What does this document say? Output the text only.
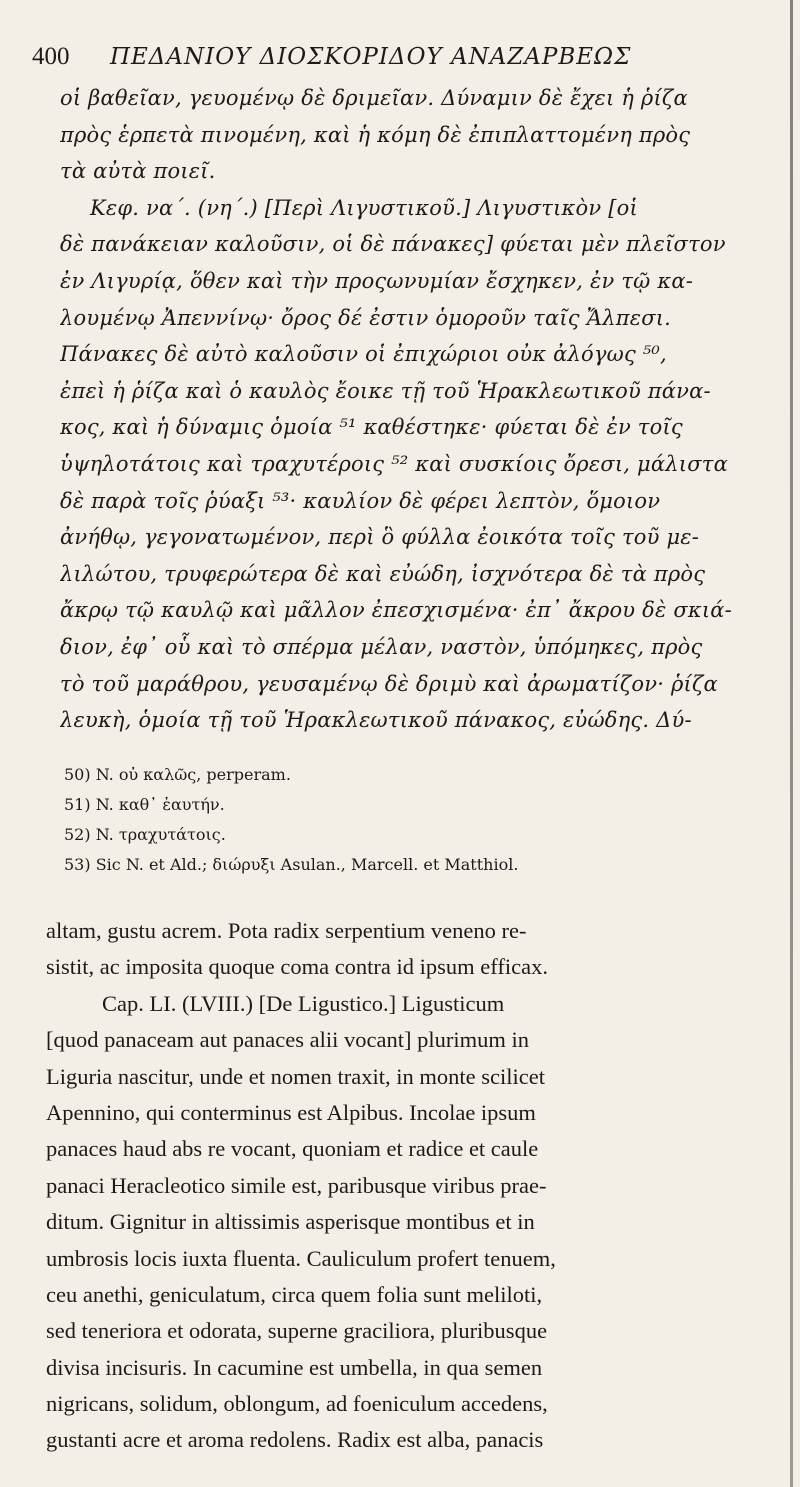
400 ΠΕΔΑΝΙΟΥ ΔΙΟΣΚΟΡΙΔΟΥ ΑΝΑΖΑΡΒΕΩΣ
οἱ βαθεῖαν, γευομένῳ δὲ δριμεῖαν. Δύναμιν δὲ ἔχει ἡ ῥίζα
πρὸς ἑρπετὰ πινομένη, καὶ ἡ κόμη δὲ ἐπιπλαττομένη πρὸς
τὰ αὐτὰ ποιεῖ.
Κεφ. να΄. (νη΄.) [Περὶ Λιγυστικοῦ.] Λιγυστικὸν [οἱ
δὲ πανάκειαν καλοῦσιν, οἱ δὲ πάνακες] φύεται μὲν πλεῖστον
ἐν Λιγυρίᾳ, ὅθεν καὶ τὴν προςωνυμίαν ἔσχηκεν, ἐν τῷ κα-
λουμένῳ Ἀπεννίνῳ· ὄρος δέ ἐστιν ὁμοροῦν ταῖς Ἄλπεσι.
Πάνακες δὲ αὐτὸ καλοῦσιν οἱ ἐπιχώριοι οὐκ ἀλόγως ⁵⁰,
ἐπεὶ ἡ ῥίζα καὶ ὁ καυλὸς ἔοικε τῇ τοῦ Ἡρακλεωτικοῦ πάνα-
κος, καὶ ἡ δύναμις ὁμοία ⁵¹ καθέστηκε· φύεται δὲ ἐν τοῖς
ὑψηλοτάτοις καὶ τραχυτέροις ⁵² καὶ συσκίοις ὄρεσι, μάλιστα
δὲ παρὰ τοῖς ῥύαξι ⁵³· καυλίον δὲ φέρει λεπτὸν, ὅμοιον
ἀνήθῳ, γεγονατωμένον, περὶ ὃ φύλλα ἐοικότα τοῖς τοῦ με-
λιλώτου, τρυφερώτερα δὲ καὶ εὐώδη, ἰσχνότερα δὲ τὰ πρὸς
ἄκρῳ τῷ καυλῷ καὶ μᾶλλον ἐπεσχισμένα· ἐπ᾽ ἄκρου δὲ σκιά-
διον, ἐφ᾽ οὗ καὶ τὸ σπέρμα μέλαν, ναστὸν, ὑπόμηκες, πρὸς
τὸ τοῦ μαράθρου, γευσαμένῳ δὲ δριμὺ καὶ ἀρωματίζον· ῥίζα
λευκὴ, ὁμοία τῇ τοῦ Ἡρακλεωτικοῦ πάνακος, εὐώδης. Δύ-
50) N. οὐ καλῶς, perperam.
51) N. καθ᾽ ἑαυτήν.
52) N. τραχυτάτοις.
53) Sic N. et Ald.; διώρυξι Asulan., Marcell. et Matthiol.
altam, gustu acrem. Pota radix serpentium veneno re-
sistit, ac imposita quoque coma contra id ipsum efficax.
Cap. LI. (LVIII.) [De Ligustico.] Ligusticum
[quod panaceam aut panaces alii vocant] plurimum in
Liguria nascitur, unde et nomen traxit, in monte scilicet
Apennino, qui conterminus est Alpibus. Incolae ipsum
panaces haud abs re vocant, quoniam et radice et caule
panaci Heracleotico simile est, paribusque viribus prae-
ditum. Gignitur in altissimis asperisque montibus et in
umbrosis locis iuxta fluenta. Cauliculum profert tenuem,
ceu anethi, geniculatum, circa quem folia sunt meliloti,
sed teneriora et odorata, superne graciliora, pluribusque
divisa incisuris. In cacumine est umbella, in qua semen
nigricans, solidum, oblongum, ad foeniculum accedens,
gustanti acre et aroma redolens. Radix est alba, panacis
